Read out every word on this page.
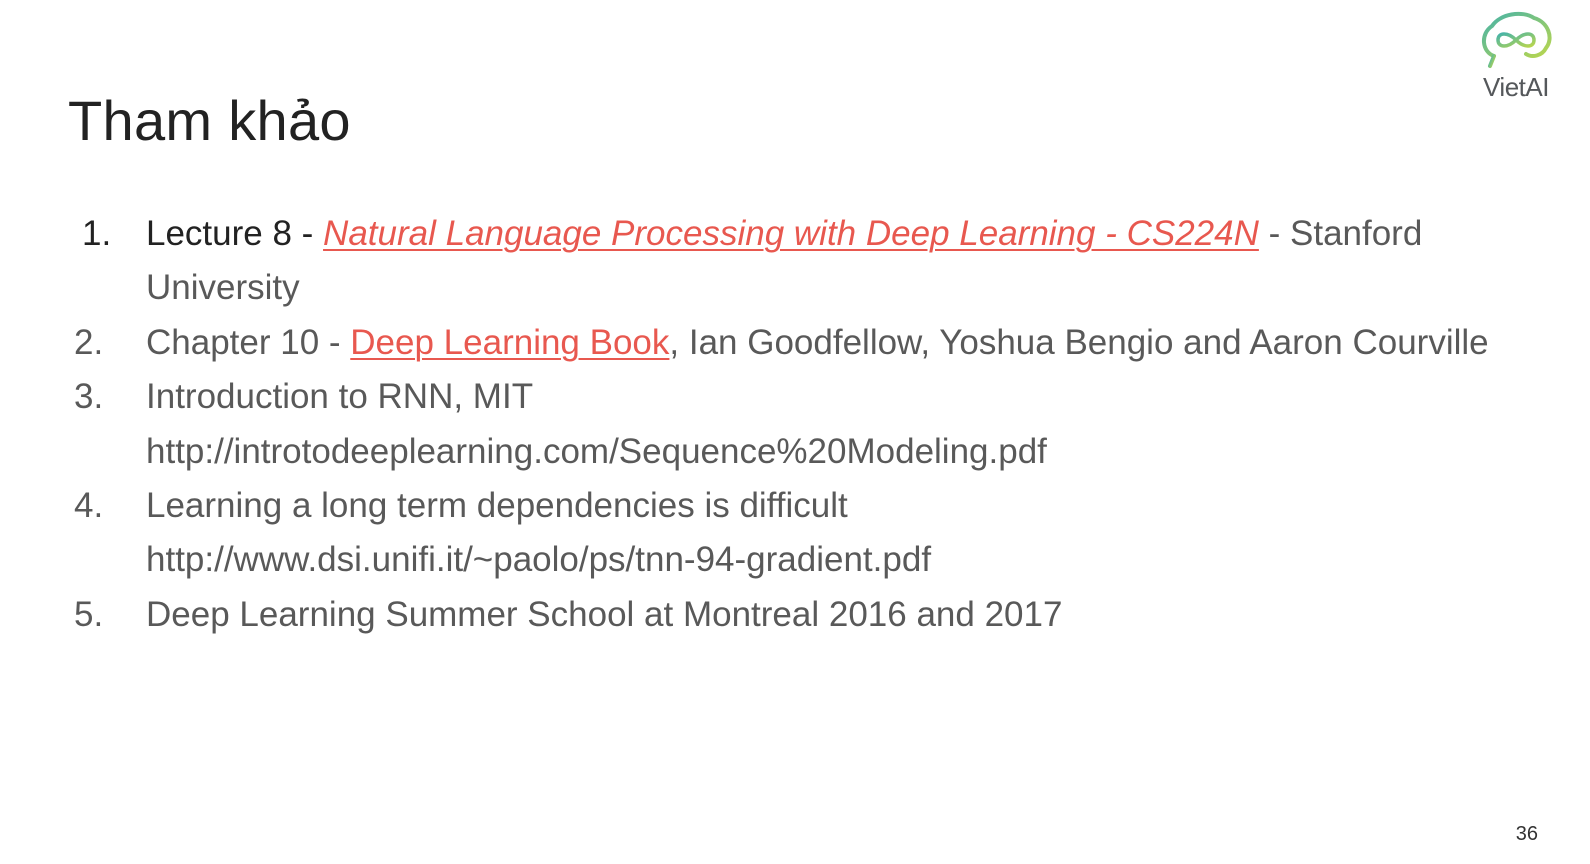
Tham khảo
VietAI
1. Lecture 8 - Natural Language Processing with Deep Learning - CS224N - Stanford University
2.	Chapter 10 - Deep Learning Book, Ian Goodfellow, Yoshua Bengio and Aaron Courville
3.	Introduction to RNN, MIT
http://introtodeeplearning.com/Sequence%20Modeling.pdf
4.	Learning a long term dependencies is difficult
http://www.dsi.unifi.it/~paolo/ps/tnn-94-gradient.pdf
5.	Deep Learning Summer School at Montreal 2016 and 2017
36
